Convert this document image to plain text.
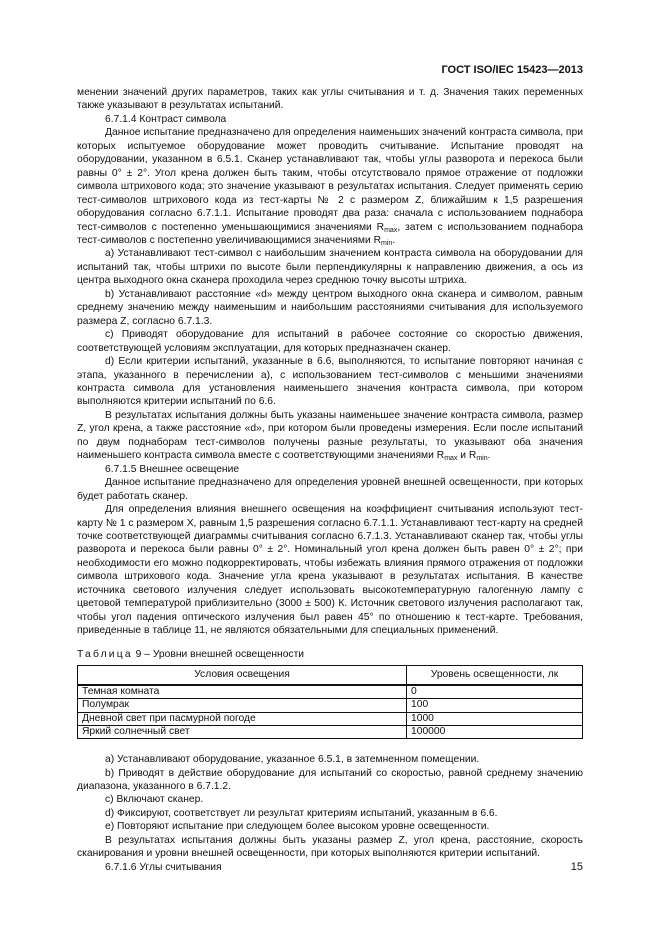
ГОСТ ISO/IEC 15423—2013

менении значений других параметров, таких как углы считывания и т. д. Значения таких переменных также указывают в результатах испытаний.

6.7.1.4 Контраст символа

Данное испытание предназначено для определения наименьших значений контраста символа, при которых испытуемое оборудование может проводить считывание. Испытание проводят на оборудовании, указанном в 6.5.1. Сканер устанавливают так, чтобы углы разворота и перекоса были равны 0° ± 2°. Угол крена должен быть таким, чтобы отсутствовало прямое отражение от подложки символа штрихового кода; это значение указывают в результатах испытания. Следует применять серию тест-символов штрихового кода из тест-карты № 2 с размером Z, ближайшим к 1,5 разрешения оборудования согласно 6.7.1.1. Испытание проводят два раза: сначала с использованием поднабора тест-символов с постепенно уменьшающимися значениями $R_{max}$, затем с использованием поднабора тест-символов с постепенно увеличивающимися значениями $R_{min}$.

a) Устанавливают тест-символ с наибольшим значением контраста символа на оборудовании для испытаний так, чтобы штрихи по высоте были перпендикулярны к направлению движения, а ось из центра выходного окна сканера проходила через среднюю точку высоты штриха.

b) Устанавливают расстояние «d» между центром выходного окна сканера и символом, равным среднему значению между наименьшим и наибольшим расстояниями считывания для используемого размера Z, согласно 6.7.1.3.

c) Приводят оборудование для испытаний в рабочее состояние со скоростью движения, соответствующей условиям эксплуатации, для которых предназначен сканер.

d) Если критерии испытаний, указанные в 6.6, выполняются, то испытание повторяют начиная с этапа, указанного в перечислении а), с использованием тест-символов с меньшими значениями контраста символа для установления наименьшего значения контраста символа, при котором выполняются критерии испытаний по 6.6.

В результатах испытания должны быть указаны наименьшее значение контраста символа, размер Z, угол крена, а также расстояние «d», при котором были проведены измерения. Если после испытаний по двум поднаборам тест-символов получены разные результаты, то указывают оба значения наименьшего контраста символа вместе с соответствующими значениями $R_{max}$ и $R_{min}$.

6.7.1.5 Внешнее освещение

Данное испытание предназначено для определения уровней внешней освещенности, при которых будет работать сканер.

Для определения влияния внешнего освещения на коэффициент считывания используют тест-карту № 1 с размером X, равным 1,5 разрешения согласно 6.7.1.1. Устанавливают тест-карту на средней точке соответствующей диаграммы считывания согласно 6.7.1.3. Устанавливают сканер так, чтобы углы разворота и перекоса были равны 0° ± 2°. Номинальный угол крена должен быть равен 0° ± 2°; при необходимости его можно подкорректировать, чтобы избежать влияния прямого отражения от подложки символа штрихового кода. Значение угла крена указывают в результатах испытания. В качестве источника светового излучения следует использовать высокотемпературную галогенную лампу с цветовой температурой приблизительно (3000 ± 500) К. Источник светового излучения располагают так, чтобы угол падения оптического излучения был равен 45° по отношению к тест-карте. Требования, приведенные в таблице 11, не являются обязательными для специальных применений.

Таблица 9 – Уровни внешней освещенности

Условия освещения	Уровень освещенности, лк
Темная комната	0
Полумрак	100
Дневной свет при пасмурной погоде	1000
Яркий солнечный свет	100000

a) Устанавливают оборудование, указанное 6.5.1, в затемненном помещении.

b) Приводят в действие оборудование для испытаний со скоростью, равной среднему значению диапазона, указанного в 6.7.1.2.

c) Включают сканер.

d) Фиксируют, соответствует ли результат критериям испытаний, указанным в 6.6.

e) Повторяют испытание при следующем более высоком уровне освещенности.

В результатах испытания должны быть указаны размер Z, угол крена, расстояние, скорость сканирования и уровни внешней освещенности, при которых выполняются критерии испытаний.

6.7.1.6 Углы считывания	15
